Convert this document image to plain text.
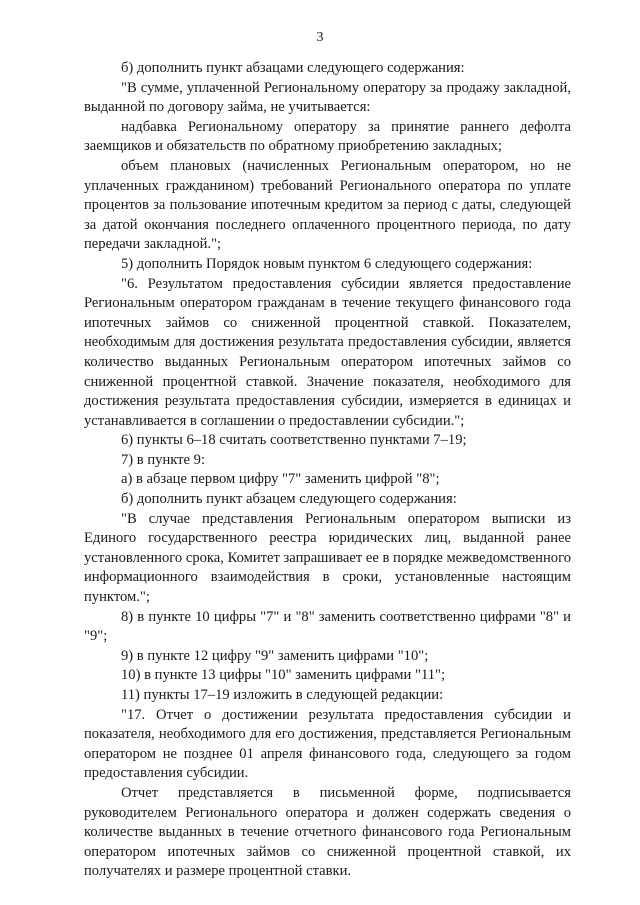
3

б) дополнить пункт абзацами следующего содержания:

"В сумме, уплаченной Региональному оператору за продажу закладной, выданной по договору займа, не учитывается:

надбавка Региональному оператору за принятие раннего дефолта заемщиков и обязательств по обратному приобретению закладных;

объем плановых (начисленных Региональным оператором, но не уплаченных гражданином) требований Регионального оператора по уплате процентов за пользование ипотечным кредитом за период с даты, следующей за датой окончания последнего оплаченного процентного периода, по дату передачи закладной.";

5) дополнить Порядок новым пунктом 6 следующего содержания:

"6. Результатом предоставления субсидии является предоставление Региональным оператором гражданам в течение текущего финансового года ипотечных займов со сниженной процентной ставкой. Показателем, необходимым для достижения результата предоставления субсидии, является количество выданных Региональным оператором ипотечных займов со сниженной процентной ставкой. Значение показателя, необходимого для достижения результата предоставления субсидии, измеряется в единицах и устанавливается в соглашении о предоставлении субсидии.";

6) пункты 6–18 считать соответственно пунктами 7–19;

7) в пункте 9:

а) в абзаце первом цифру "7" заменить цифрой "8";

б) дополнить пункт абзацем следующего содержания:

"В случае представления Региональным оператором выписки из Единого государственного реестра юридических лиц, выданной ранее установленного срока, Комитет запрашивает ее в порядке межведомственного информационного взаимодействия в сроки, установленные настоящим пунктом.";

8) в пункте 10 цифры "7" и "8" заменить соответственно цифрами "8" и "9";

9) в пункте 12 цифру "9" заменить цифрами "10";

10) в пункте 13 цифры "10" заменить цифрами "11";

11) пункты 17–19 изложить в следующей редакции:

"17. Отчет о достижении результата предоставления субсидии и показателя, необходимого для его достижения, представляется Региональным оператором не позднее 01 апреля финансового года, следующего за годом предоставления субсидии.

Отчет представляется в письменной форме, подписывается руководителем Регионального оператора и должен содержать сведения о количестве выданных в течение отчетного финансового года Региональным оператором ипотечных займов со сниженной процентной ставкой, их получателях и размере процентной ставки.
